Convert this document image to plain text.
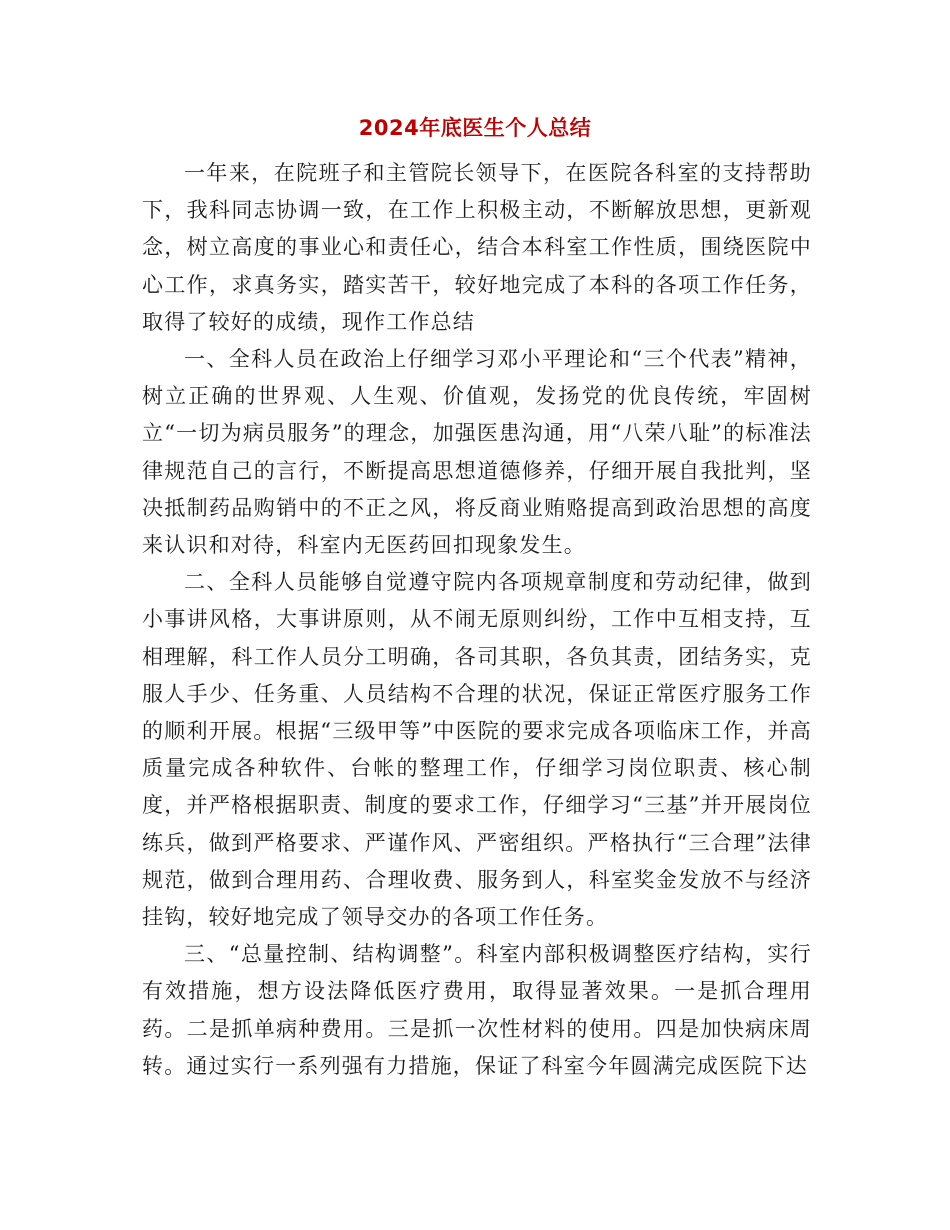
2024年底医生个人总结

一年来，在院班子和主管院长领导下，在医院各科室的支持帮助下，我科同志协调一致，在工作上积极主动，不断解放思想，更新观念，树立高度的事业心和责任心，结合本科室工作性质，围绕医院中心工作，求真务实，踏实苦干，较好地完成了本科的各项工作任务，取得了较好的成绩，现作工作总结

一、全科人员在政治上仔细学习邓小平理论和“三个代表”精神，树立正确的世界观、人生观、价值观，发扬党的优良传统，牢固树立“一切为病员服务”的理念，加强医患沟通，用“八荣八耻”的标准法律规范自己的言行，不断提高思想道德修养，仔细开展自我批判，坚决抵制药品购销中的不正之风，将反商业贿赂提高到政治思想的高度来认识和对待，科室内无医药回扣现象发生。

二、全科人员能够自觉遵守院内各项规章制度和劳动纪律，做到小事讲风格，大事讲原则，从不闹无原则纠纷，工作中互相支持，互相理解，科工作人员分工明确，各司其职，各负其责，团结务实，克服人手少、任务重、人员结构不合理的状况，保证正常医疗服务工作的顺利开展。根据“三级甲等”中医院的要求完成各项临床工作，并高质量完成各种软件、台帐的整理工作，仔细学习岗位职责、核心制度，并严格根据职责、制度的要求工作，仔细学习“三基”并开展岗位练兵，做到严格要求、严谨作风、严密组织。严格执行“三合理”法律规范，做到合理用药、合理收费、服务到人，科室奖金发放不与经济挂钩，较好地完成了领导交办的各项工作任务。

三、“总量控制、结构调整”。科室内部积极调整医疗结构，实行有效措施，想方设法降低医疗费用，取得显著效果。一是抓合理用药。二是抓单病种费用。三是抓一次性材料的使用。四是加快病床周转。通过实行一系列强有力措施，保证了科室今年圆满完成医院下达
